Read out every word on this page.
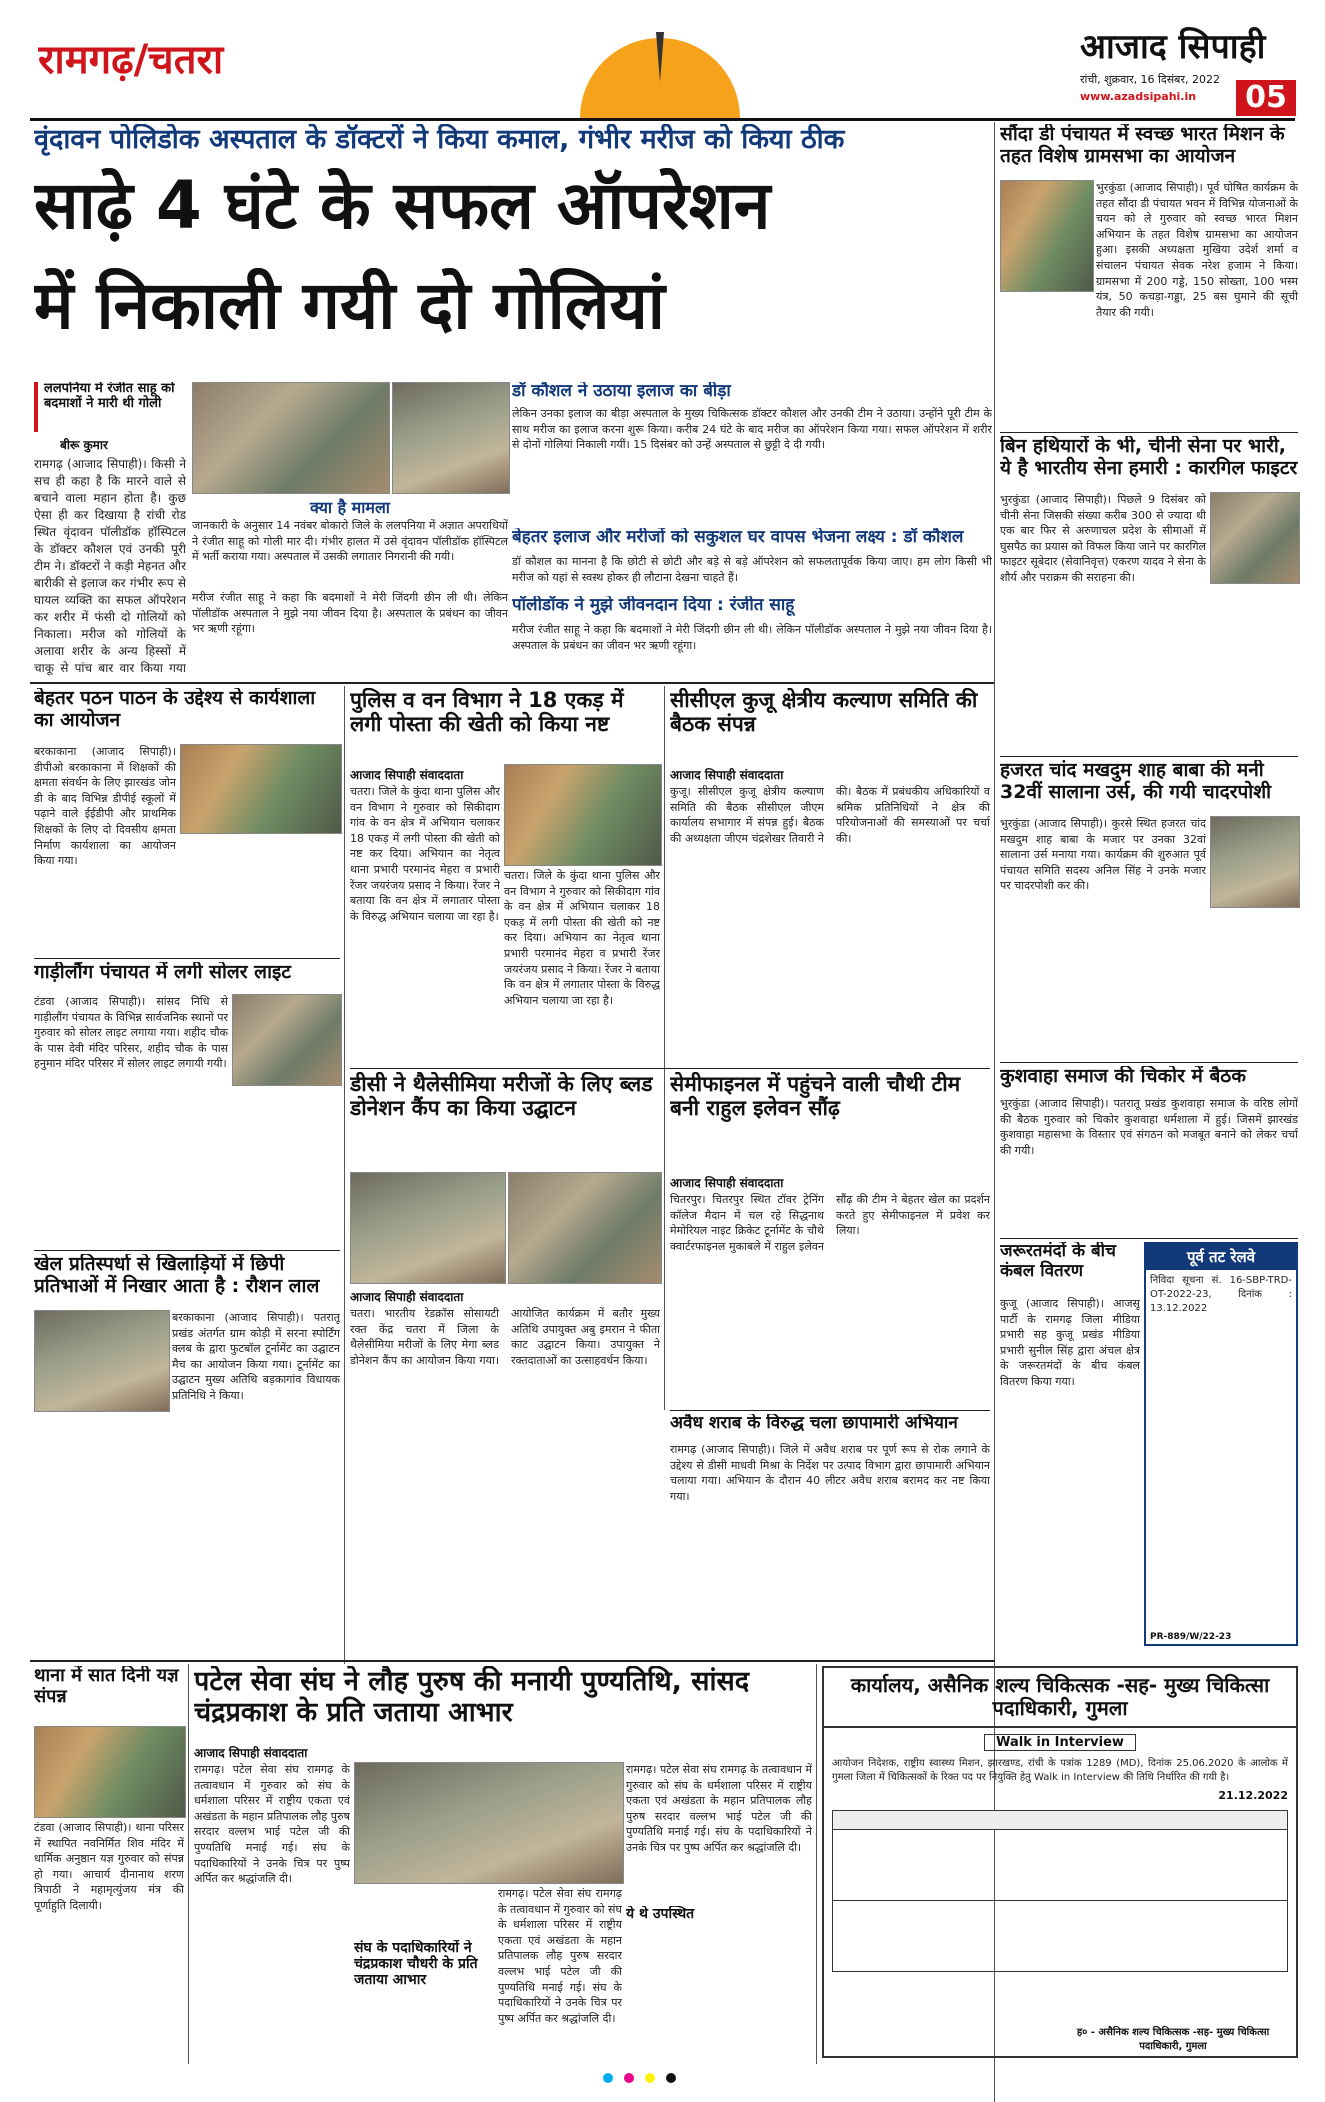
रामगढ़/चतरा	आजाद सिपाही
रांची, शुक्रवार, 16 दिसंबर, 2022
www.azadsipahi.in	05
वृंदावन पोलिडोक अस्पताल के डॉक्टरों ने किया कमाल, गंभीर मरीज को किया ठीक
साढ़े 4 घंटे के सफल ऑपरेशन
में निकाली गयी दो गोलियां
ललपनिया में रंजीत साहू को बदमाशों ने मारी थी गोली
बीरू कुमार
रामगढ़ (आजाद सिपाही)। किसी ने सच ही कहा है कि मारने वाले से बचाने वाला महान होता है। कुछ ऐसा ही कर दिखाया है रांची रोड स्थित वृंदावन पॉलीडॉक हॉस्पिटल के डॉक्टर कौशल एवं उनकी पूरी टीम ने। डॉक्टरों ने कड़ी मेहनत और बारीकी से इलाज कर गंभीर रूप से घायल व्यक्ति का सफल ऑपरेशन कर शरीर में फंसी दो गोलियों को निकाला। मरीज को गोलियों के अलावा शरीर के अन्य हिस्सों में चाकू से पांच बार वार किया गया
क्या है मामला
जानकारी के अनुसार 14 नवंबर बोकारो जिले के ललपनिया में अज्ञात अपराधियों ने रंजीत साहू को गोली मार दी। गंभीर हालत में उसे वृंदावन पॉलीडॉक हॉस्पिटल में भर्ती कराया गया। अस्पताल में उसकी लगातार निगरानी की गयी।
मरीज रंजीत साहू ने कहा कि बदमाशों ने मेरी जिंदगी छीन ली थी। लेकिन पॉलीडॉक अस्पताल ने मुझे नया जीवन दिया है। अस्पताल के प्रबंधन का जीवन भर ऋणी रहूंगा।
डॉ कौशल ने उठाया इलाज का बीड़ा
लेकिन उनका इलाज का बीड़ा अस्पताल के मुख्य चिकित्सक डॉक्टर कौशल और उनकी टीम ने उठाया। उन्होंने पूरी टीम के साथ मरीज का इलाज करना शुरू किया। करीब 24 घंटे के बाद मरीज का ऑपरेशन किया गया। सफल ऑपरेशन में शरीर से दोनों गोलियां निकाली गयीं। 15 दिसंबर को उन्हें अस्पताल से छुट्टी दे दी गयी।
बेहतर इलाज और मरीजों को सकुशल घर वापस भेजना लक्ष्य : डॉ कौशल
डॉ कौशल का मानना है कि छोटी से छोटी और बड़े से बड़े ऑपरेशन को सफलतापूर्वक किया जाए। हम लोग किसी भी मरीज को यहां से स्वस्थ होकर ही लौटाना देखना चाहते हैं।
पॉलीडॉक ने मुझे जीवनदान दिया : रंजीत साहू
मरीज रंजीत साहू ने कहा कि बदमाशों ने मेरी जिंदगी छीन ली थी। लेकिन पॉलीडॉक अस्पताल ने मुझे नया जीवन दिया है। अस्पताल के प्रबंधन का जीवन भर ऋणी रहूंगा।
सौंदा डी पंचायत में स्वच्छ भारत मिशन के तहत विशेष ग्रामसभा का आयोजन
भुरकुंडा (आजाद सिपाही)। पूर्व घोषित कार्यक्रम के तहत सौंदा डी पंचायत भवन में विभिन्न योजनाओं के चयन को ले गुरुवार को स्वच्छ भारत मिशन अभियान के तहत विशेष ग्रामसभा का आयोजन हुआ। इसकी अध्यक्षता मुखिया उदेर्श शर्मा व संचालन पंचायत सेवक नरेश हजाम ने किया। ग्रामसभा में 200 गड्डे, 150 सोख्ता, 100 भस्म यंत्र, 50 कचड़ा-गड्डा, 25 बस घुमाने की सूची तैयार की गयी।
बिन हथियारों के भी, चीनी सेना पर भारी, ये है भारतीय सेना हमारी : कारगिल फाइटर
भुरकुंडा (आजाद सिपाही)। पिछले 9 दिसंबर को चीनी सेना जिसकी संख्या करीब 300 से ज्यादा थी एक बार फिर से अरुणाचल प्रदेश के सीमाओं में घुसपैठ का प्रयास को विफल किया जाने पर कारगिल फाइटर सूबेदार (सेवानिवृत्त) एकरण यादव ने सेना के शौर्य और पराक्रम की सराहना की।
हजरत चांद मखदुम शाह बाबा की मनी 32वीं सालाना उर्स, की गयी चादरपोशी
भुरकुंडा (आजाद सिपाही)। कुरसे स्थित हजरत चांद मखदुम शाह बाबा के मजार पर उनका 32वां सालाना उर्स मनाया गया। कार्यक्रम की शुरुआत पूर्व पंचायत समिति सदस्य अनिल सिंह ने उनके मजार पर चादरपोशी कर की।
कुशवाहा समाज की चिकोर में बैठक
भुरकुंडा (आजाद सिपाही)। पतरातू प्रखंड कुशवाहा समाज के वरिष्ठ लोगों की बैठक गुरुवार को चिकोर कुशवाहा धर्मशाला में हुई। जिसमें झारखंड कुशवाहा महासभा के विस्तार एवं संगठन को मजबूत बनाने को लेकर चर्चा की गयी।
जरूरतमंदों के बीच कंबल वितरण
कुजू (आजाद सिपाही)। आजसू पार्टी के रामगढ़ जिला मीडिया प्रभारी सह कुजू प्रखंड मीडिया प्रभारी सुनील सिंह द्वारा अंचल क्षेत्र के जरूरतमंदों के बीच कंबल वितरण किया गया।
पूर्व तट रेलवे
निविदा सूचना सं. 16-SBP-TRD-OT-2022-23, दिनांक : 13.12.2022
PR-889/W/22-23
बेहतर पठन पाठन के उद्देश्य से कार्यशाला का आयोजन
बरकाकाना (आजाद सिपाही)। डीपीओ बरकाकाना में शिक्षकों की क्षमता संवर्धन के लिए झारखंड जोन डी के बाद विभिन्न डीपीई स्कूलों में पढ़ाने वाले ईईडीपी और प्राथमिक शिक्षकों के लिए दो दिवसीय क्षमता निर्माण कार्यशाला का आयोजन किया गया।
गाड़ीलौंग पंचायत में लगी सोलर लाइट
टंडवा (आजाद सिपाही)। सांसद निधि से गाड़ीलौंग पंचायत के विभिन्न सार्वजनिक स्थानों पर गुरुवार को सोलर लाइट लगाया गया। शहीद चौक के पास देवी मंदिर परिसर, शहीद चौक के पास हनुमान मंदिर परिसर में सोलर लाइट लगायी गयी।
खेल प्रतिस्पर्धा से खिलाड़ियों में छिपी प्रतिभाओं में निखार आता है : रौशन लाल
बरकाकाना (आजाद सिपाही)। पतरातू प्रखंड अंतर्गत ग्राम कोड़ी में सरना स्पोर्टिंग क्लब के द्वारा फुटबॉल टूर्नामेंट का उद्घाटन मैच का आयोजन किया गया। टूर्नामेंट का उद्घाटन मुख्य अतिथि बड़कागांव विधायक प्रतिनिधि ने किया।
पुलिस व वन विभाग ने 18 एकड़ में लगी पोस्ता की खेती को किया नष्ट
आजाद सिपाही संवाददाता
चतरा। जिले के कुंदा थाना पुलिस और वन विभाग ने गुरुवार को सिकीदाग गांव के वन क्षेत्र में अभियान चलाकर 18 एकड़ में लगी पोस्ता की खेती को नष्ट कर दिया। अभियान का नेतृत्व थाना प्रभारी परमानंद मेहरा व प्रभारी रेंजर जयरंजय प्रसाद ने किया। रेंजर ने बताया कि वन क्षेत्र में लगातार पोस्ता के विरुद्ध अभियान चलाया जा रहा है।
चतरा। जिले के कुंदा थाना पुलिस और वन विभाग ने गुरुवार को सिकीदाग गांव के वन क्षेत्र में अभियान चलाकर 18 एकड़ में लगी पोस्ता की खेती को नष्ट कर दिया। अभियान का नेतृत्व थाना प्रभारी परमानंद मेहरा व प्रभारी रेंजर जयरंजय प्रसाद ने किया। रेंजर ने बताया कि वन क्षेत्र में लगातार पोस्ता के विरुद्ध अभियान चलाया जा रहा है।
सीसीएल कुजू क्षेत्रीय कल्याण समिति की बैठक संपन्न
आजाद सिपाही संवाददाता
कुजू। सीसीएल कुजू क्षेत्रीय कल्याण समिति की बैठक सीसीएल जीएम कार्यालय सभागार में संपन्न हुई। बैठक की अध्यक्षता जीएम चंद्रशेखर तिवारी ने की। बैठक में प्रबंधकीय अधिकारियों व श्रमिक प्रतिनिधियों ने क्षेत्र की परियोजनाओं की समस्याओं पर चर्चा की।
डीसी ने थैलेसीमिया मरीजों के लिए ब्लड डोनेशन कैंप का किया उद्घाटन
आजाद सिपाही संवाददाता
चतरा। भारतीय रेडक्रॉस सोसायटी रक्त केंद्र चतरा में जिला के थैलेसीमिया मरीजों के लिए मेगा ब्लड डोनेशन कैंप का आयोजन किया गया। आयोजित कार्यक्रम में बतौर मुख्य अतिथि उपायुक्त अबु इमरान ने फीता काट उद्घाटन किया। उपायुक्त ने रक्तदाताओं का उत्साहवर्धन किया।
सेमीफाइनल में पहुंचने वाली चौथी टीम बनी राहुल इलेवन सौंढ़
आजाद सिपाही संवाददाता
चितरपुर। चितरपुर स्थित टॉवर ट्रेनिंग कॉलेज मैदान में चल रहे सिद्धनाथ मेमोरियल नाइट क्रिकेट टूर्नामेंट के चौथे क्वार्टरफाइनल मुकाबले में राहुल इलेवन सौंढ़ की टीम ने बेहतर खेल का प्रदर्शन करते हुए सेमीफाइनल में प्रवेश कर लिया।
अवैध शराब के विरुद्ध चला छापामारी अभियान
रामगढ़ (आजाद सिपाही)। जिले में अवैध शराब पर पूर्ण रूप से रोक लगाने के उद्देश्य से डीसी माधवी मिश्रा के निर्देश पर उत्पाद विभाग द्वारा छापामारी अभियान चलाया गया। अभियान के दौरान 40 लीटर अवैध शराब बरामद कर नष्ट किया गया।
थाना में सात दिनी यज्ञ संपन्न
टंडवा (आजाद सिपाही)। थाना परिसर में स्थापित नवनिर्मित शिव मंदिर में धार्मिक अनुष्ठान यज्ञ गुरुवार को संपन्न हो गया। आचार्य दीनानाथ शरण त्रिपाठी ने महामृत्युंजय मंत्र की पूर्णाहुति दिलायी।
पटेल सेवा संघ ने लौह पुरुष की मनायी पुण्यतिथि, सांसद चंद्रप्रकाश के प्रति जताया आभार
आजाद सिपाही संवाददाता
रामगढ़। पटेल सेवा संघ रामगढ़ के तत्वावधान में गुरुवार को संघ के धर्मशाला परिसर में राष्ट्रीय एकता एवं अखंडता के महान प्रतिपालक लौह पुरुष सरदार वल्लभ भाई पटेल जी की पुण्यतिथि मनाई गई। संघ के पदाधिकारियों ने उनके चित्र पर पुष्प अर्पित कर श्रद्धांजलि दी।
संघ के पदाधिकारियों ने चंद्रप्रकाश चौधरी के प्रति जताया आभार
रामगढ़। पटेल सेवा संघ रामगढ़ के तत्वावधान में गुरुवार को संघ के धर्मशाला परिसर में राष्ट्रीय एकता एवं अखंडता के महान प्रतिपालक लौह पुरुष सरदार वल्लभ भाई पटेल जी की पुण्यतिथि मनाई गई। संघ के पदाधिकारियों ने उनके चित्र पर पुष्प अर्पित कर श्रद्धांजलि दी।
रामगढ़। पटेल सेवा संघ रामगढ़ के तत्वावधान में गुरुवार को संघ के धर्मशाला परिसर में राष्ट्रीय एकता एवं अखंडता के महान प्रतिपालक लौह पुरुष सरदार वल्लभ भाई पटेल जी की पुण्यतिथि मनाई गई। संघ के पदाधिकारियों ने उनके चित्र पर पुष्प अर्पित कर श्रद्धांजलि दी।
ये थे उपस्थित
कार्यालय, असैनिक शल्य चिकित्सक -सह- मुख्य चिकित्सा पदाधिकारी, गुमला
Walk in Interview
आयोजन निदेशक, राष्ट्रीय स्वास्थ्य मिशन, झारखण्ड, रांची के पत्रांक 1289 (MD), दिनांक 25.06.2020 के आलोक में गुमला जिला में चिकित्सकों के रिक्त पद पर नियुक्ति हेतु Walk in Interview की तिथि निर्धारित की गयी है।
21.12.2022
ह० - असैनिक शल्य चिकित्सक -सह- मुख्य चिकित्सा पदाधिकारी, गुमला
